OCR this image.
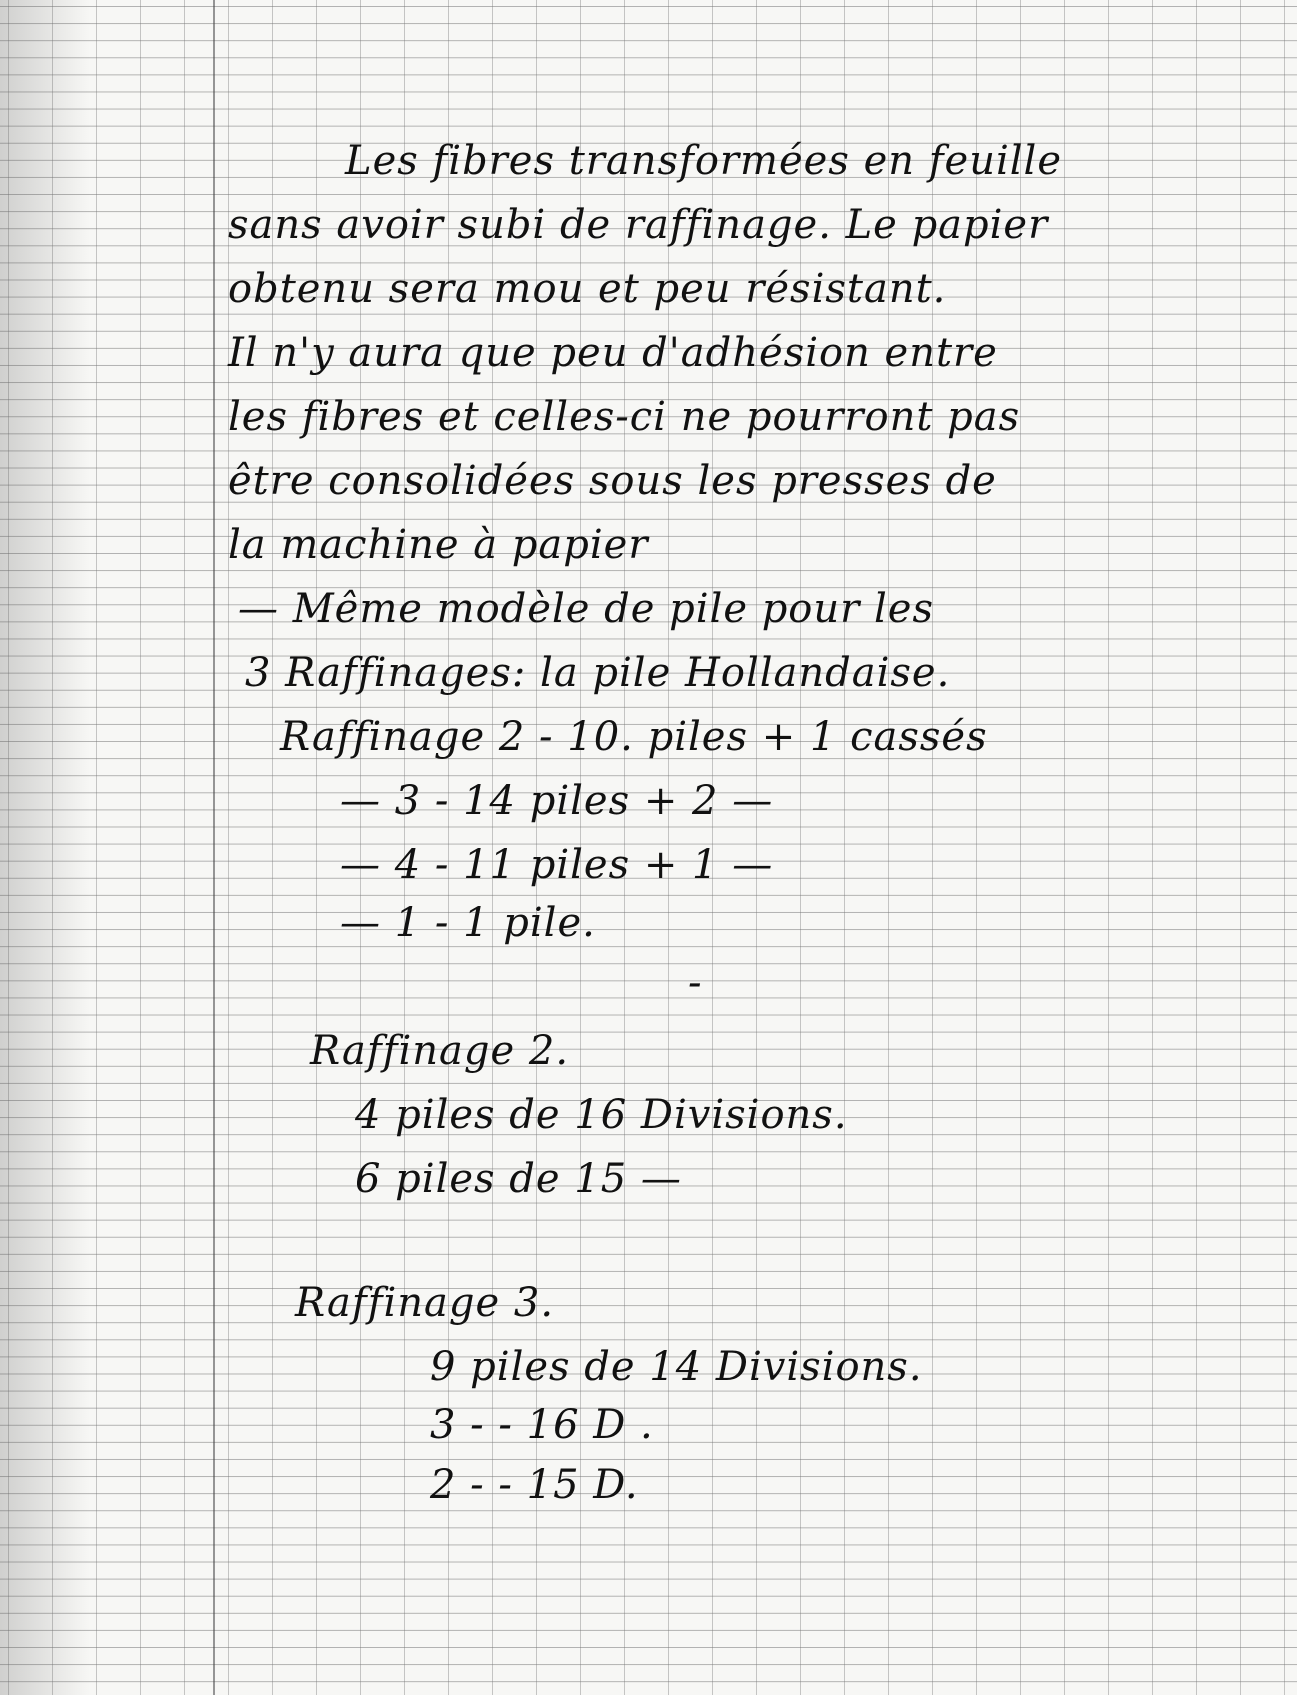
Les fibres transformées en feuille

sans avoir subi de raffinage. Le papier

obtenu sera mou et peu résistant.

Il n'y aura que peu d'adhésion entre

les fibres et celles-ci ne pourront pas

être consolidées sous les presses de

la machine à papier

— Même modèle de pile pour les

3 Raffinages: la pile Hollandaise.

Raffinage 2 - 10. piles + 1 cassés

— 3 - 14 piles + 2 —

— 4 - 11 piles + 1 —

— 1 - 1 pile.

-

Raffinage 2.

4 piles de 16 Divisions.

6 piles de 15 —

Raffinage 3.

9 piles de 14 Divisions.

3 - - 16 D .

2 - - 15 D.
